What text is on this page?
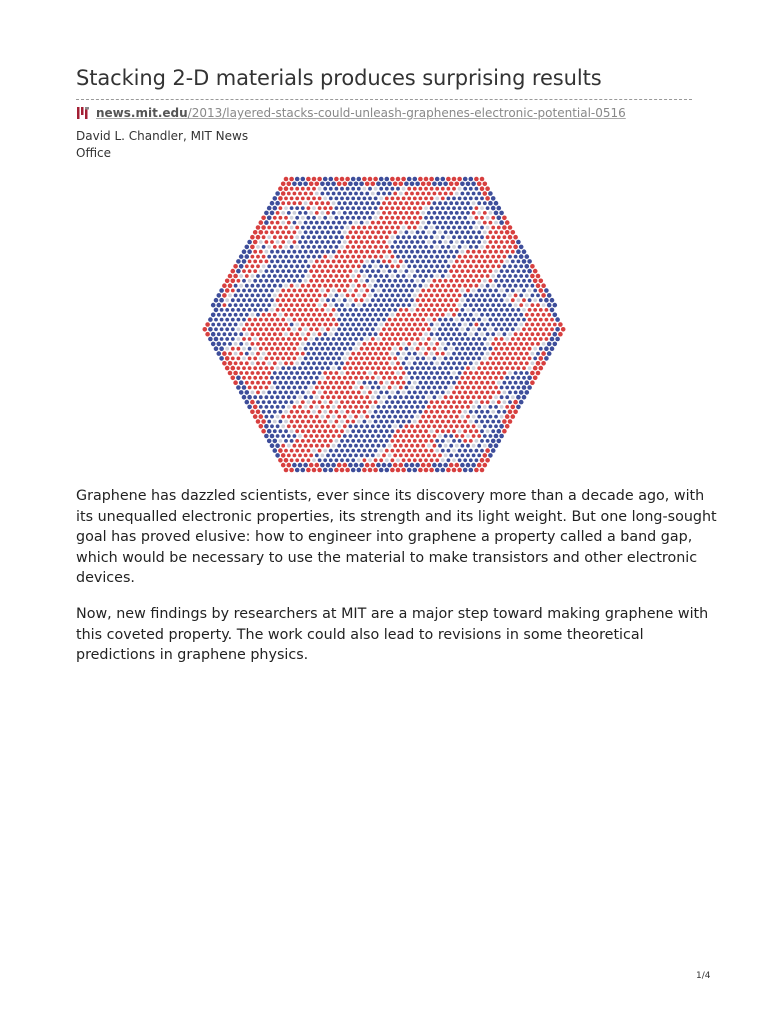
Stacking 2-D materials produces surprising results
news.mit.edu/2013/layered-stacks-could-unleash-graphenes-electronic-potential-0516

David L. Chandler, MIT News
Office

Graphene has dazzled scientists, ever since its discovery more than a decade ago, with
its unequalled electronic properties, its strength and its light weight. But one long-sought
goal has proved elusive: how to engineer into graphene a property called a band gap,
which would be necessary to use the material to make transistors and other electronic
devices.

Now, new findings by researchers at MIT are a major step toward making graphene with
this coveted property. The work could also lead to revisions in some theoretical
predictions in graphene physics.

1/4
